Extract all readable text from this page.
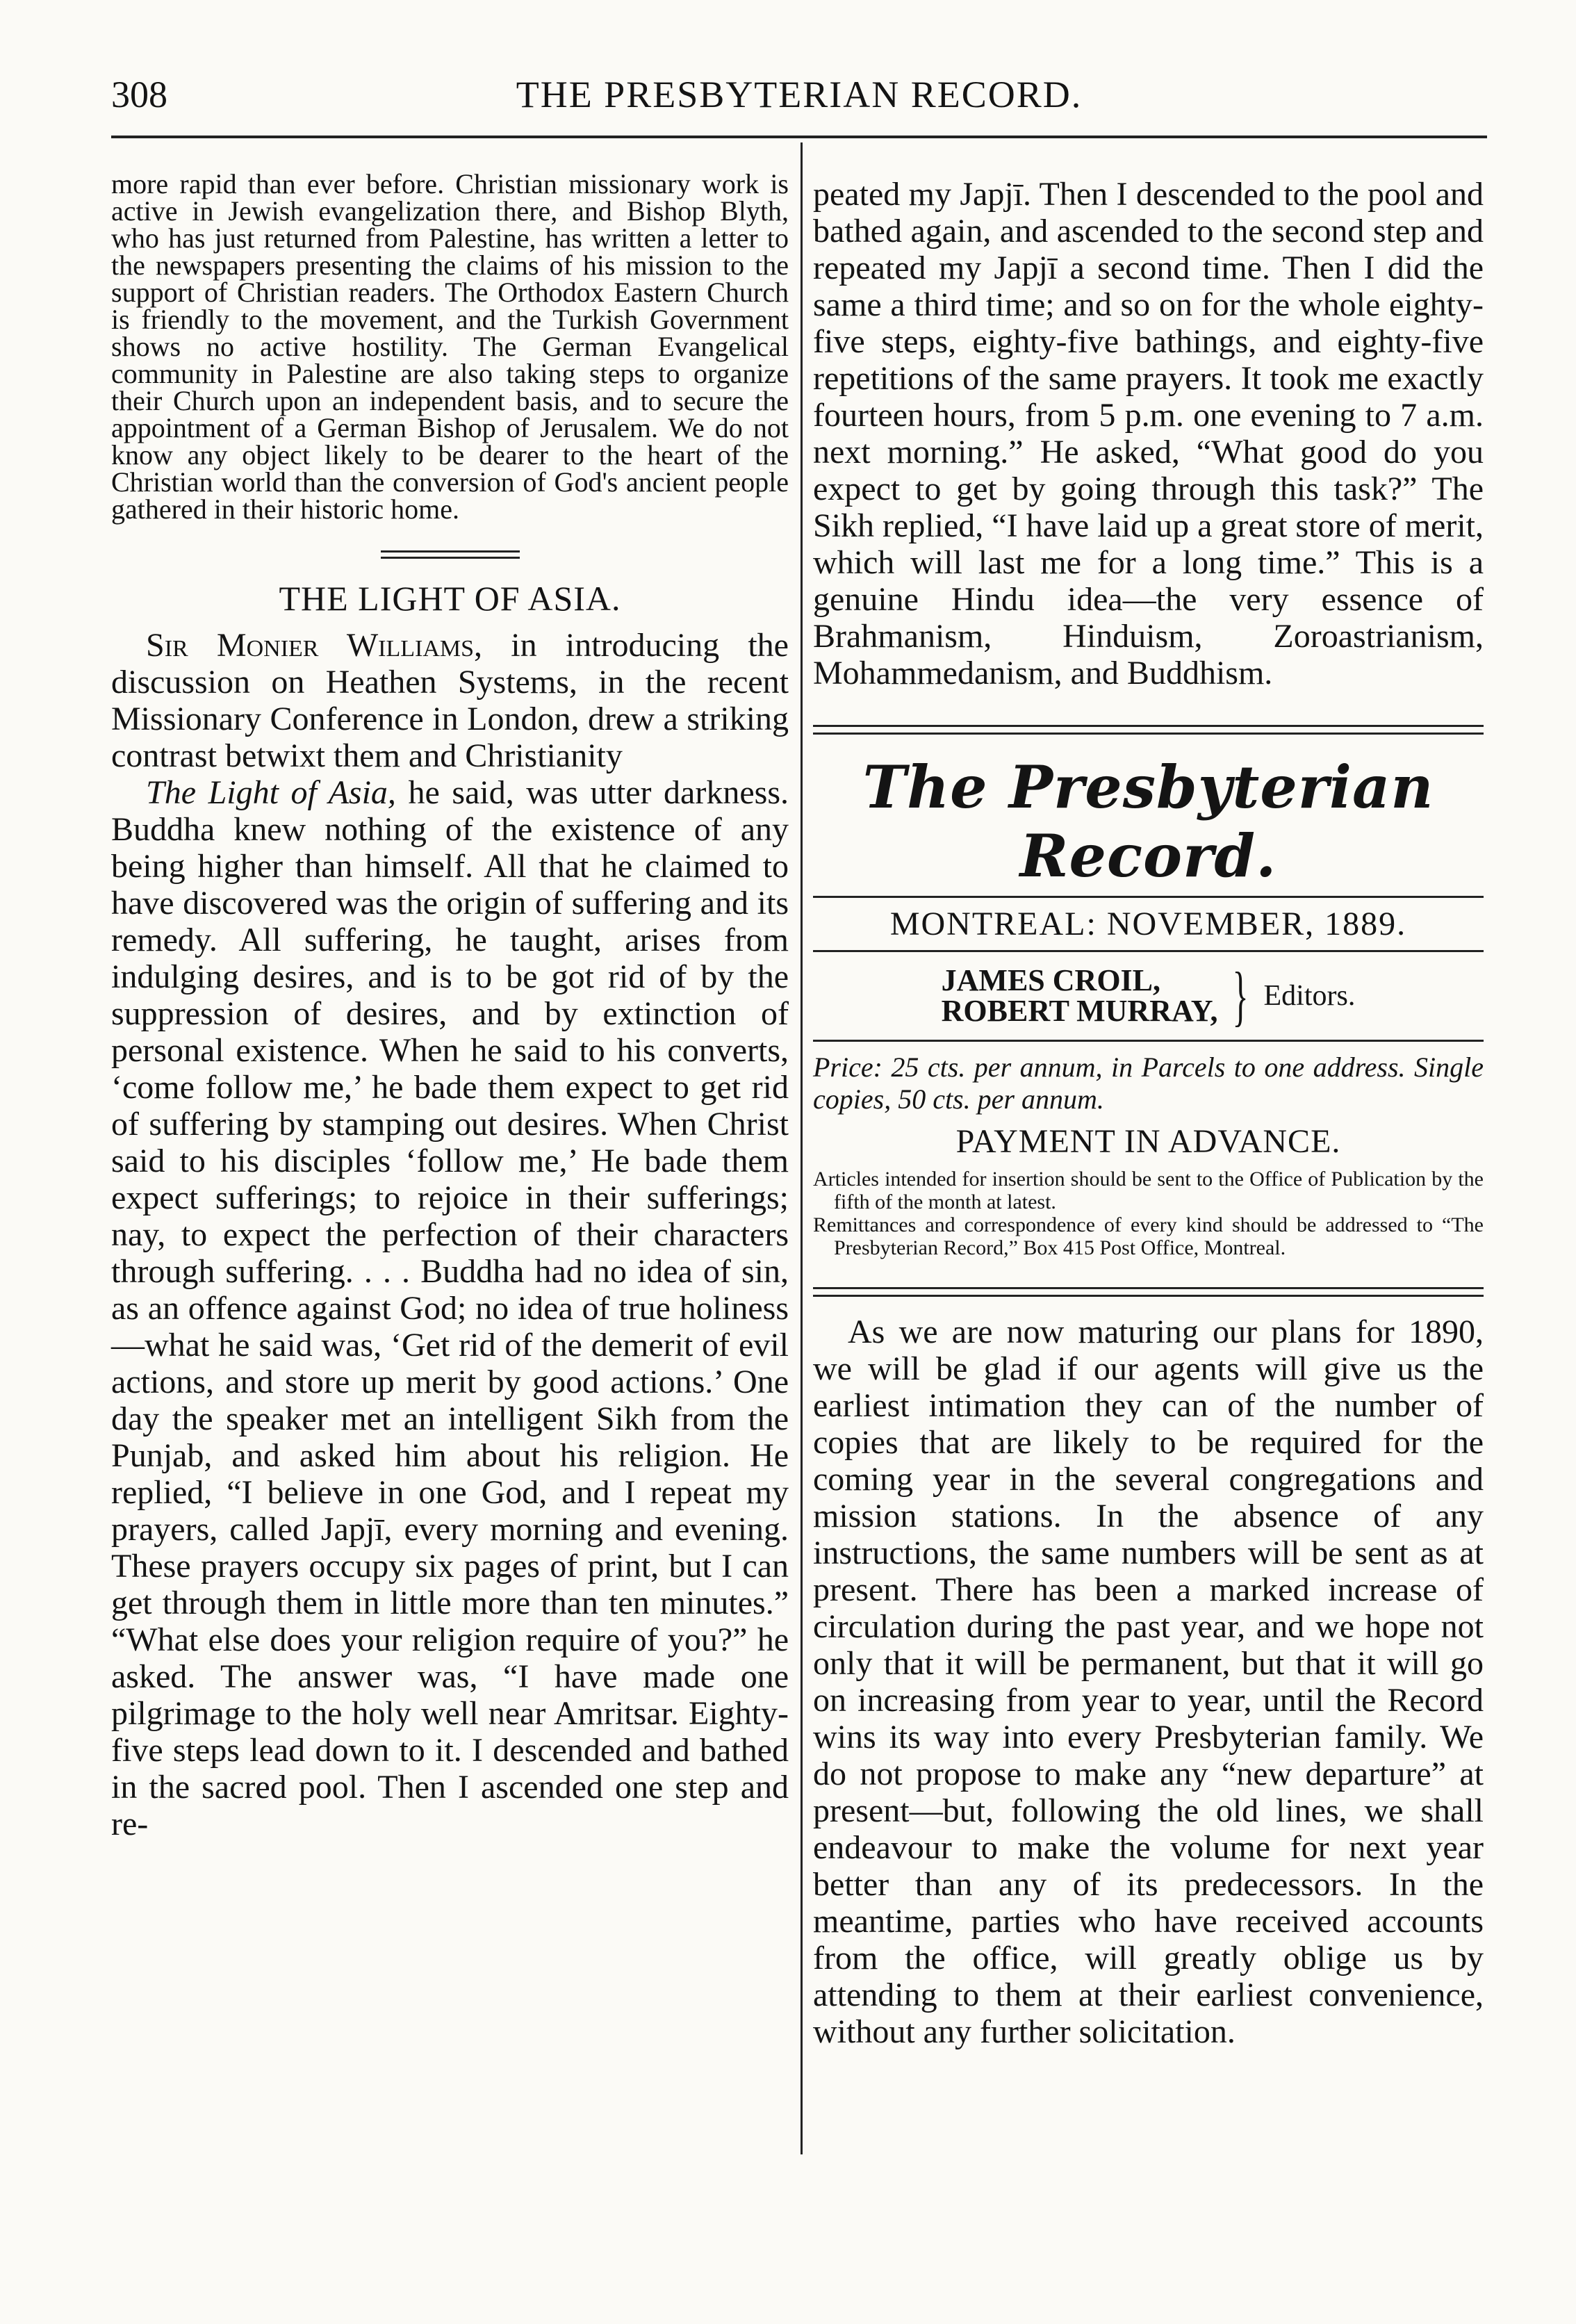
308	THE PRESBYTERIAN RECORD.

more rapid than ever before. Christian missionary work is active in Jewish evangelization there, and Bishop Blyth, who has just returned from Palestine, has written a letter to the newspapers presenting the claims of his mission to the support of Christian readers. The Orthodox Eastern Church is friendly to the movement, and the Turkish Government shows no active hostility. The German Evangelical community in Palestine are also taking steps to organize their Church upon an independent basis, and to secure the appointment of a German Bishop of Jerusalem. We do not know any object likely to be dearer to the heart of the Christian world than the conversion of God's ancient people gathered in their historic home.

THE LIGHT OF ASIA.

Sir Monier Williams, in introducing the discussion on Heathen Systems, in the recent Missionary Conference in London, drew a striking contrast betwixt them and Christianity

The Light of Asia, he said, was utter darkness. Buddha knew nothing of the existence of any being higher than himself. All that he claimed to have discovered was the origin of suffering and its remedy. All suffering, he taught, arises from indulging desires, and is to be got rid of by the suppression of desires, and by extinction of personal existence. When he said to his converts, ‘come follow me,’ he bade them expect to get rid of suffering by stamping out desires. When Christ said to his disciples ‘follow me,’ He bade them expect sufferings; to rejoice in their sufferings; nay, to expect the perfection of their characters through suffering. . . . Buddha had no idea of sin, as an offence against God; no idea of true holiness—what he said was, ‘Get rid of the demerit of evil actions, and store up merit by good actions.’ One day the speaker met an intelligent Sikh from the Punjab, and asked him about his religion. He replied, “I believe in one God, and I repeat my prayers, called Japjī, every morning and evening. These prayers occupy six pages of print, but I can get through them in little more than ten minutes.” “What else does your religion require of you?” he asked. The answer was, “I have made one pilgrimage to the holy well near Amritsar. Eighty-five steps lead down to it. I descended and bathed in the sacred pool. Then I ascended one step and re-

peated my Japjī. Then I descended to the pool and bathed again, and ascended to the second step and repeated my Japjī a second time. Then I did the same a third time; and so on for the whole eighty-five steps, eighty-five bathings, and eighty-five repetitions of the same prayers. It took me exactly fourteen hours, from 5 p.m. one evening to 7 a.m. next morning.” He asked, “What good do you expect to get by going through this task?” The Sikh replied, “I have laid up a great store of merit, which will last me for a long time.” This is a genuine Hindu idea—the very essence of Brahmanism, Hinduism, Zoroastrianism, Mohammedanism, and Buddhism.

The Presbyterian Record.
MONTREAL: NOVEMBER, 1889.
JAMES CROIL,
ROBERT MURRAY, } Editors.

Price: 25 cts. per annum, in Parcels to one address. Single copies, 50 cts. per annum.

PAYMENT IN ADVANCE.

Articles intended for insertion should be sent to the Office of Publication by the fifth of the month at latest.

Remittances and correspondence of every kind should be addressed to “The Presbyterian Record,” Box 415 Post Office, Montreal.

As we are now maturing our plans for 1890, we will be glad if our agents will give us the earliest intimation they can of the number of copies that are likely to be required for the coming year in the several congregations and mission stations. In the absence of any instructions, the same numbers will be sent as at present. There has been a marked increase of circulation during the past year, and we hope not only that it will be permanent, but that it will go on increasing from year to year, until the Record wins its way into every Presbyterian family. We do not propose to make any “new departure” at present—but, following the old lines, we shall endeavour to make the volume for next year better than any of its predecessors. In the meantime, parties who have received accounts from the office, will greatly oblige us by attending to them at their earliest convenience, without any further solicitation.
